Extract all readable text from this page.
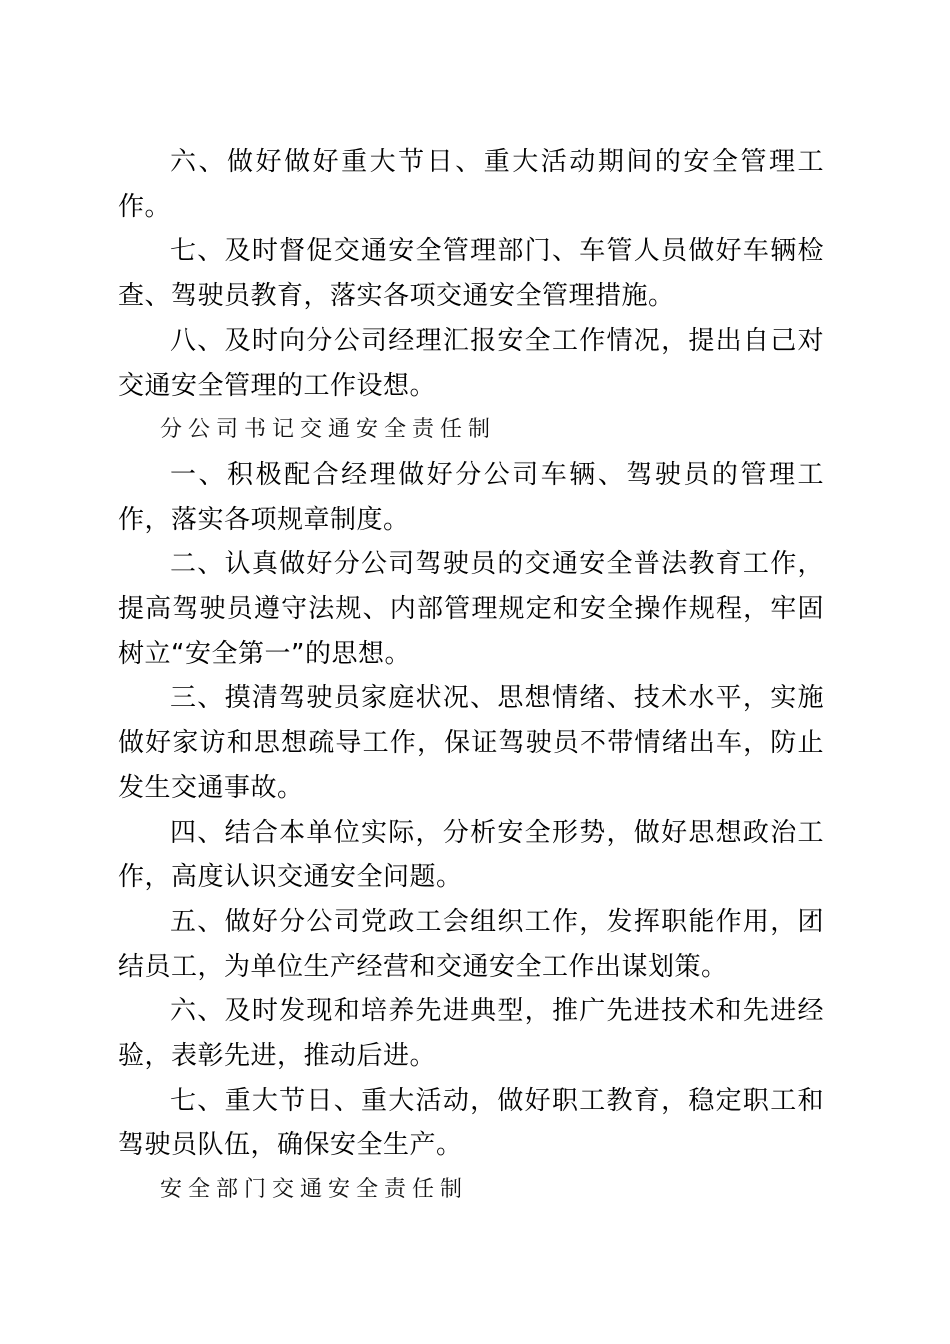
六、做好做好重大节日、重大活动期间的安全管理工作。

七、及时督促交通安全管理部门、车管人员做好车辆检查、驾驶员教育，落实各项交通安全管理措施。

八、及时向分公司经理汇报安全工作情况，提出自己对交通安全管理的工作设想。

分公司书记交通安全责任制

一、积极配合经理做好分公司车辆、驾驶员的管理工作，落实各项规章制度。

二、认真做好分公司驾驶员的交通安全普法教育工作，提高驾驶员遵守法规、内部管理规定和安全操作规程，牢固树立“安全第一”的思想。

三、摸清驾驶员家庭状况、思想情绪、技术水平，实施做好家访和思想疏导工作，保证驾驶员不带情绪出车，防止发生交通事故。

四、结合本单位实际，分析安全形势，做好思想政治工作，高度认识交通安全问题。

五、做好分公司党政工会组织工作，发挥职能作用，团结员工，为单位生产经营和交通安全工作出谋划策。

六、及时发现和培养先进典型，推广先进技术和先进经验，表彰先进，推动后进。

七、重大节日、重大活动，做好职工教育，稳定职工和驾驶员队伍，确保安全生产。

安全部门交通安全责任制
